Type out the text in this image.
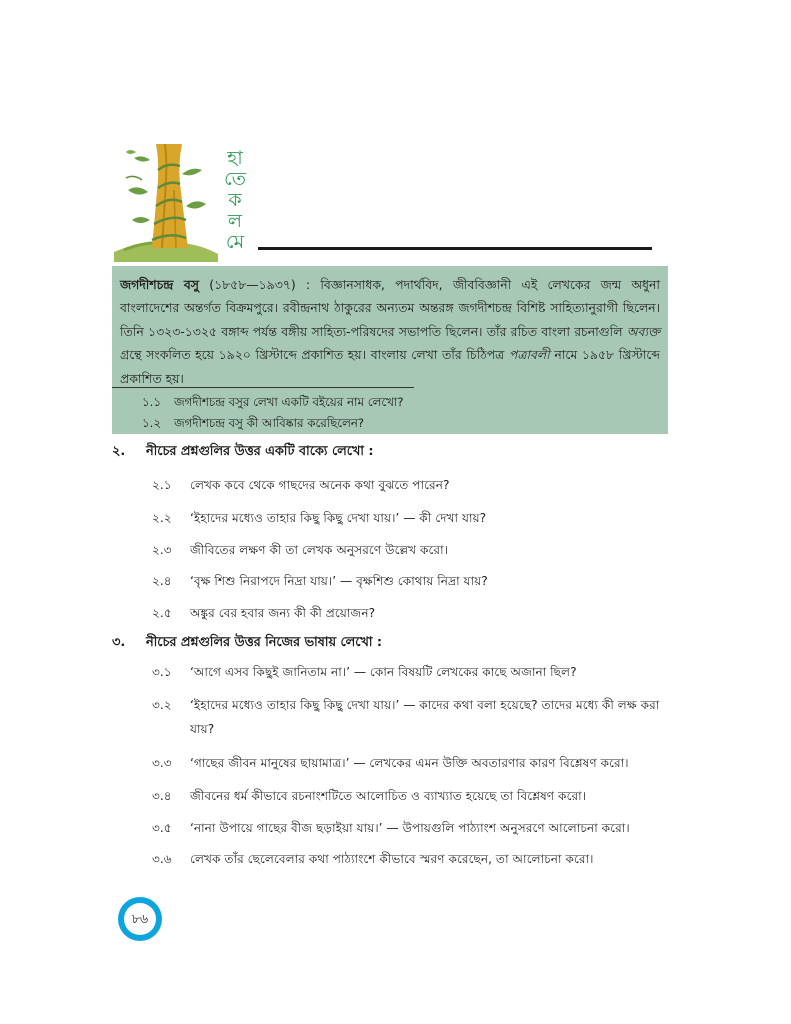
হা
তে
ক
ল
মে
জগদীশচন্দ্র বসু (১৮৫৮—১৯৩৭) : বিজ্ঞানসাধক, পদার্থবিদ, জীববিজ্ঞানী এই লেখকের জন্ম অধুনা বাংলাদেশের অন্তর্গত বিক্রমপুরে। রবীন্দ্রনাথ ঠাকুরের অন্যতম অন্তরঙ্গ জগদীশচন্দ্র বিশিষ্ট সাহিত্যানুরাগী ছিলেন। তিনি ১৩২৩-১৩২৫ বঙ্গাব্দ পর্যন্ত বঙ্গীয় সাহিত্য-পরিষদের সভাপতি ছিলেন। তাঁর রচিত বাংলা রচনাগুলি অব্যক্ত গ্রন্থে সংকলিত হয়ে ১৯২০ খ্রিস্টাব্দে প্রকাশিত হয়। বাংলায় লেখা তাঁর চিঠিপত্র পত্রাবলী নামে ১৯৫৮ খ্রিস্টাব্দে প্রকাশিত হয়।
১.১ জগদীশচন্দ্র বসুর লেখা একটি বইয়ের নাম লেখো?
১.২ জগদীশচন্দ্র বসু কী আবিষ্কার করেছিলেন?
২.	নীচের প্রশ্নগুলির উত্তর একটি বাক্যে লেখো :
২.১	লেখক কবে থেকে গাছদের অনেক কথা বুঝতে পারেন?
২.২	‘ইহাদের মধ্যেও তাহার কিছু কিছু দেখা যায়।’ — কী দেখা যায়?
২.৩	জীবিতের লক্ষণ কী তা লেখক অনুসরণে উল্লেখ করো।
২.৪	‘বৃক্ষ শিশু নিরাপদে নিদ্রা যায়।’ — বৃক্ষশিশু কোথায় নিদ্রা যায়?
২.৫	অঙ্কুর বের হবার জন্য কী কী প্রয়োজন?
৩.	নীচের প্রশ্নগুলির উত্তর নিজের ভাষায় লেখো :
৩.১	‘আগে এসব কিছুই জানিতাম না।’ — কোন বিষয়টি লেখকের কাছে অজানা ছিল?
৩.২	‘ইহাদের মধ্যেও তাহার কিছু কিছু দেখা যায়।’ — কাদের কথা বলা হয়েছে? তাদের মধ্যে কী লক্ষ করা যায়?
৩.৩	‘গাছের জীবন মানুষের ছায়ামাত্র।’ — লেখকের এমন উক্তি অবতারণার কারণ বিশ্লেষণ করো।
৩.৪	জীবনের ধর্ম কীভাবে রচনাংশটিতে আলোচিত ও ব্যাখ্যাত হয়েছে তা বিশ্লেষণ করো।
৩.৫	‘নানা উপায়ে গাছের বীজ ছড়াইয়া যায়।’ — উপায়গুলি পাঠ্যাংশ অনুসরণে আলোচনা করো।
৩.৬	লেখক তাঁর ছেলেবেলার কথা পাঠ্যাংশে কীভাবে স্মরণ করেছেন, তা আলোচনা করো।
৮৬
